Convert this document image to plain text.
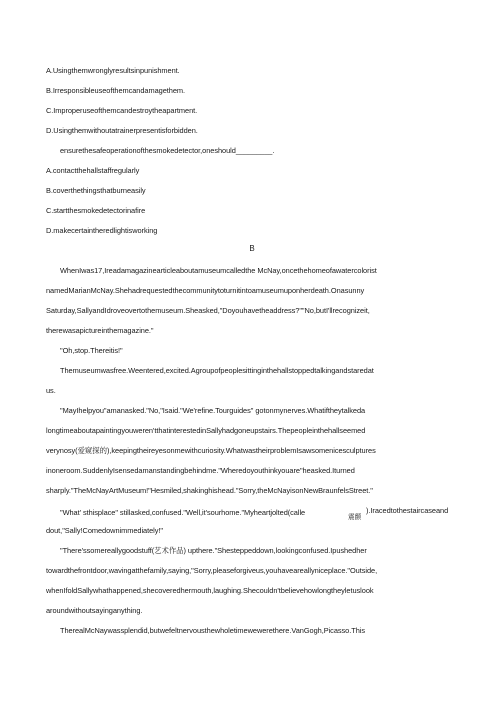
A.Usingthemwronglyresultsinpunishment.
B.Irresponsibleuseofthemcandamagethem.
C.Improperuseofthemcandestroytheapartment.
D.Usingthemwithoutatrainerpresentisforbidden.
ensurethesafeoperationofthesmokedetector,oneshould_________.
A.contactthehallstaffregularly
B.coverthethingsthatburneasily
C.startthesmokedetectorinafire
D.makecertaintheredlightisworking
B
WhenIwas17,Ireadamagazinearticleaboutamuseumcalledthe McNay,oncethehomeofawatercolorist
namedMarianMcNay.Shehadrequestedthecommunitytoturnitintoamuseumuponherdeath.Onasunny
Saturday,SallyandIdroveovertothemuseum.Sheasked,"Doyouhavetheaddress?""No,butI'llrecognizeit,
therewasapictureinthemagazine."
"Oh,stop.Thereitis!"
Themuseumwasfree.Weentered,excited.Agroupofpeoplesittinginthehallstoppedtalkingandstaredat
us.
"MayIhelpyou"amanasked."No,"Isaid."We'refine.Tourguides" gotonmynerves.Whatiftheytalkeda
longtimeaboutapaintingyouweren'tthatinterestedinSallyhadgoneupstairs.Thepeopleinthehallseemed
verynosy(爱窥探的),keepingtheireyesonmewithcuriosity.WhatwastheirproblemIsawsomenicesculptures
inoneroom.SuddenlyIsensedamanstandingbehindme."Wheredoyouthinkyouare"heasked.Iturned
sharply."TheMcNayArtMuseum!"Hesmiled,shakinghishead."Sorry,theMcNayisonNewBraunfelsStreet."
"What' sthisplace" stillasked,confused."Well,it'sourhome."Myheartjolted(calle
震颤
).Iracedtothestaircaseand
dout,"Sally!Comedownimmediately!"
"There'ssomereallygoodstuff(艺术作品) upthere."Shesteppeddown,lookingconfused.Ipushedher
towardthefrontdoor,wavingatthefamily,saying,"Sorry,pleaseforgiveus,youhaveareallyniceplace."Outside,
whenIfoldSallywhathappened,shecoveredhermouth,laughing.Shecouldn'tbelievehowlongtheyletuslook
aroundwithoutsayinganything.
TherealMcNaywassplendid,butwefeltnervousthewholetimewewerethere.VanGogh,Picasso.This
